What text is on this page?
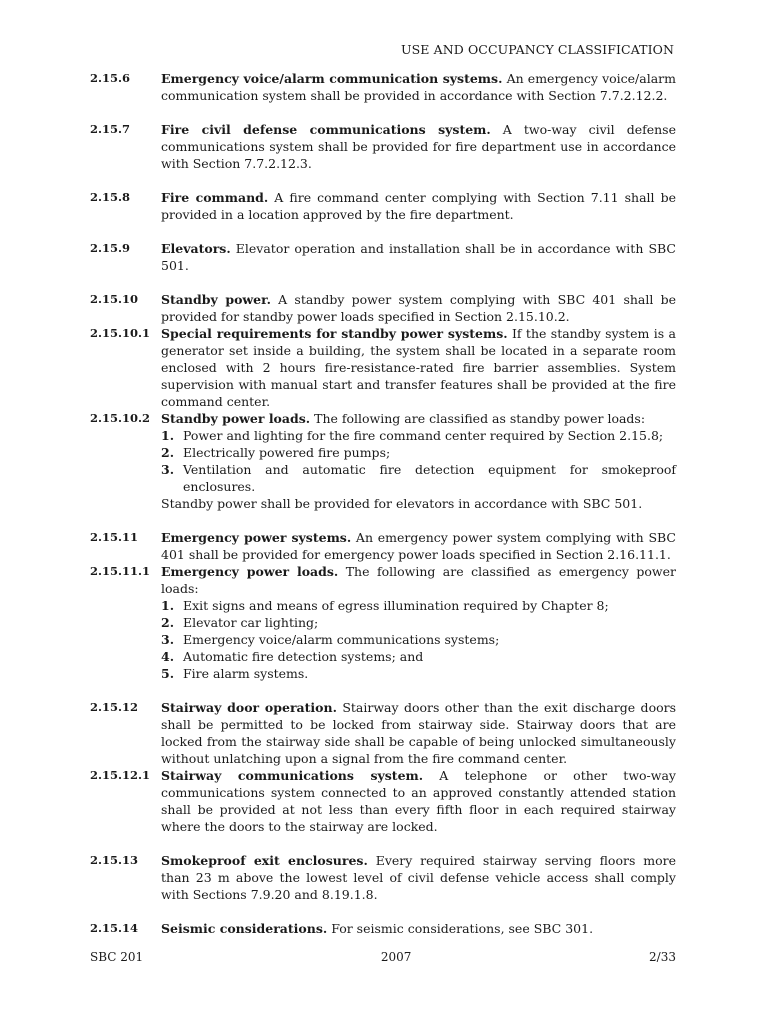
USE AND OCCUPANCY CLASSIFICATION
2.15.6	Emergency voice/alarm communication systems. An emergency voice/alarm communication system shall be provided in accordance with Section 7.7.2.12.2.
2.15.7	Fire civil defense communications system. A two-way civil defense communications system shall be provided for fire department use in accordance with Section 7.7.2.12.3.
2.15.8	Fire command. A fire command center complying with Section 7.11 shall be provided in a location approved by the fire department.
2.15.9	Elevators. Elevator operation and installation shall be in accordance with SBC 501.
2.15.10	Standby power. A standby power system complying with SBC 401 shall be provided for standby power loads specified in Section 2.15.10.2.
2.15.10.1 Special requirements for standby power systems. If the standby system is a generator set inside a building, the system shall be located in a separate room enclosed with 2 hours fire-resistance-rated fire barrier assemblies. System supervision with manual start and transfer features shall be provided at the fire command center.
2.15.10.2 Standby power loads. The following are classified as standby power loads:
1. Power and lighting for the fire command center required by Section 2.15.8;
2. Electrically powered fire pumps;
3. Ventilation and automatic fire detection equipment for smokeproof enclosures.
Standby power shall be provided for elevators in accordance with SBC 501.
2.15.11	Emergency power systems. An emergency power system complying with SBC 401 shall be provided for emergency power loads specified in Section 2.16.11.1.
2.15.11.1 Emergency power loads. The following are classified as emergency power loads:
1. Exit signs and means of egress illumination required by Chapter 8;
2. Elevator car lighting;
3. Emergency voice/alarm communications systems;
4. Automatic fire detection systems; and
5. Fire alarm systems.
2.15.12	Stairway door operation. Stairway doors other than the exit discharge doors shall be permitted to be locked from stairway side. Stairway doors that are locked from the stairway side shall be capable of being unlocked simultaneously without unlatching upon a signal from the fire command center.
2.15.12.1 Stairway communications system. A telephone or other two-way communications system connected to an approved constantly attended station shall be provided at not less than every fifth floor in each required stairway where the doors to the stairway are locked.
2.15.13	Smokeproof exit enclosures. Every required stairway serving floors more than 23 m above the lowest level of civil defense vehicle access shall comply with Sections 7.9.20 and 8.19.1.8.
2.15.14	Seismic considerations. For seismic considerations, see SBC 301.
SBC 201	2007	2/33
